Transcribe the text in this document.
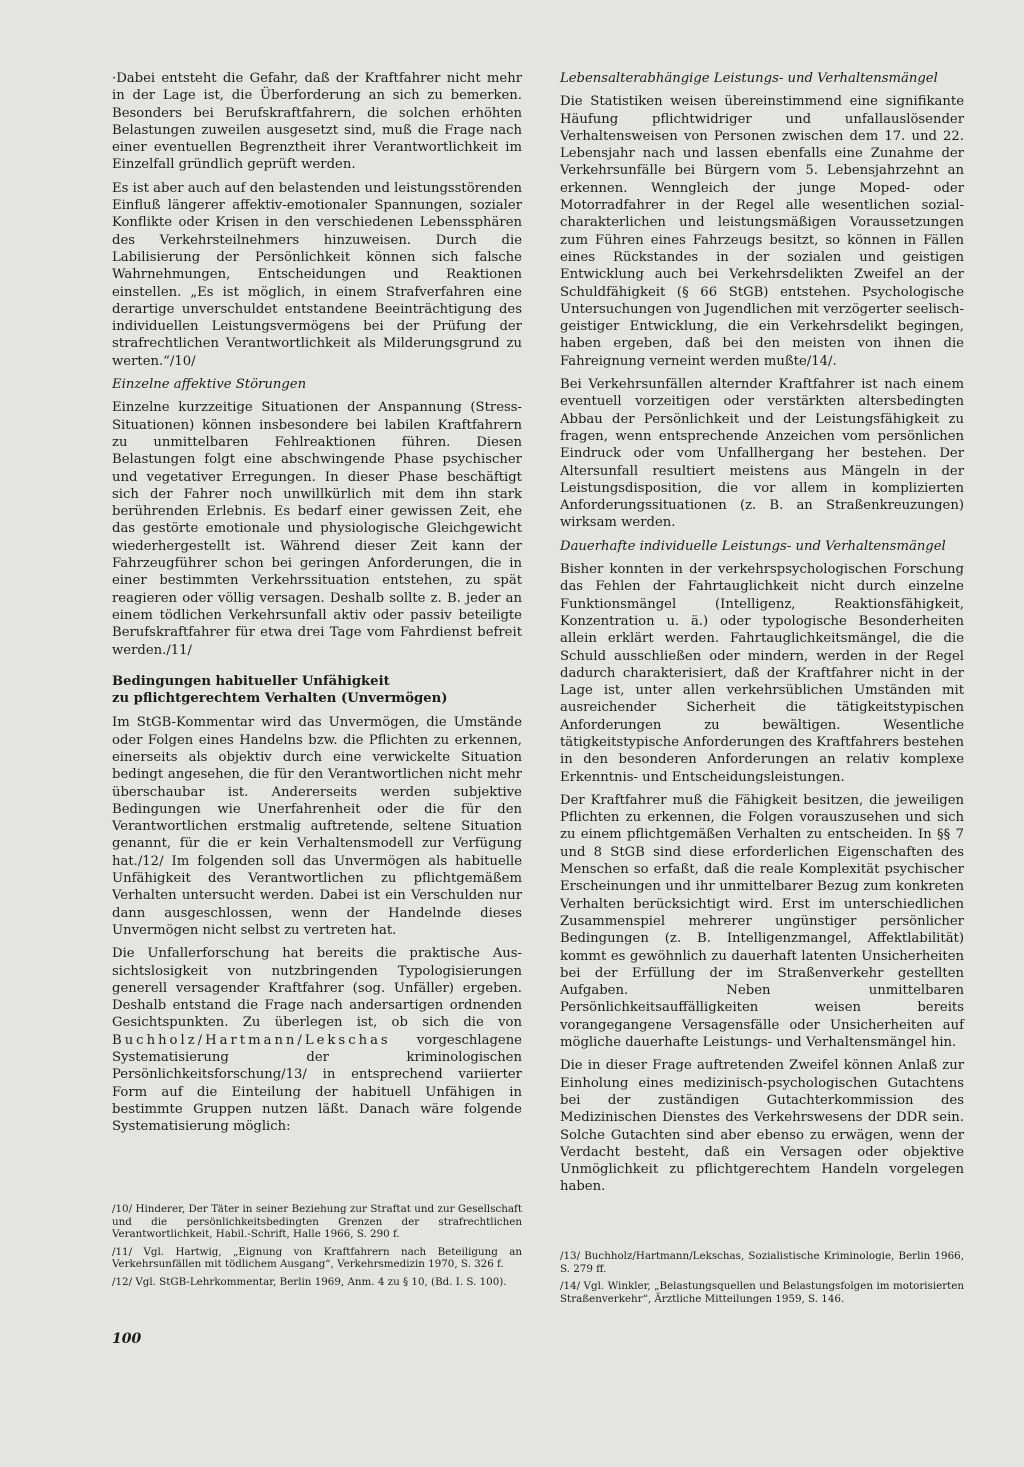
·Dabei entsteht die Gefahr, daß der Kraftfahrer nicht mehr in der Lage ist, die Überforderung an sich zu bemerken. Besonders bei Berufskraftfahrern, die solchen erhöhten Belastungen zuweilen ausgesetzt sind, muß die Frage nach einer eventuellen Begrenztheit ihrer Verantwortlichkeit im Einzelfall gründlich geprüft werden.

Es ist aber auch auf den belastenden und leistungsstörenden Einfluß längerer affektiv-emotionaler Spannungen, sozialer Konflikte oder Krisen in den verschiedenen Lebenssphären des Verkehrsteilnehmers hinzuweisen. Durch die Labilisierung der Persönlichkeit können sich falsche Wahrnehmungen, Entscheidungen und Reaktionen einstellen. „Es ist möglich, in einem Strafverfahren eine derartige unverschuldet entstandene Beeinträchtigung des individuellen Leistungsvermögens bei der Prüfung der strafrechtlichen Verantwortlichkeit als Milderungsgrund zu werten.“/10/

Einzelne affektive Störungen

Einzelne kurzzeitige Situationen der Anspannung (Stress-Situationen) können insbesondere bei labilen Kraftfahrern zu unmittelbaren Fehlreaktionen führen. Diesen Belastungen folgt eine abschwingende Phase psychischer und vegetativer Erregungen. In dieser Phase beschäftigt sich der Fahrer noch unwillkürlich mit dem ihn stark berührenden Erlebnis. Es bedarf einer gewissen Zeit, ehe das gestörte emotionale und physiologische Gleichgewicht wiederhergestellt ist. Während dieser Zeit kann der Fahrzeugführer schon bei geringen Anforderungen, die in einer bestimmten Verkehrssituation entstehen, zu spät reagieren oder völlig versagen. Deshalb sollte z. B. jeder an einem tödlichen Verkehrsunfall aktiv oder passiv beteiligte Berufskraftfahrer für etwa drei Tage vom Fahrdienst befreit werden./11/

Bedingungen habitueller Unfähigkeit
zu pflichtgerechtem Verhalten (Unvermögen)

Im StGB-Kommentar wird das Unvermögen, die Umstände oder Folgen eines Handelns bzw. die Pflichten zu erkennen, einerseits als objektiv durch eine verwickelte Situation bedingt angesehen, die für den Verantwortlichen nicht mehr überschaubar ist. Andererseits werden subjektive Bedingungen wie Unerfahrenheit oder die für den Verantwortlichen erstmalig auftretende, seltene Situation genannt, für die er kein Verhaltensmodell zur Verfügung hat./12/ Im folgenden soll das Unvermögen als habituelle Unfähigkeit des Verantwortlichen zu pflichtgemäßem Verhalten untersucht werden. Dabei ist ein Verschulden nur dann ausgeschlossen, wenn der Handelnde dieses Unvermögen nicht selbst zu vertreten hat.

Die Unfallerforschung hat bereits die praktische Aussichtslosigkeit von nutzbringenden Typologisierungen generell versagender Kraftfahrer (sog. Unfäller) ergeben. Deshalb entstand die Frage nach andersartigen ordnenden Gesichtspunkten. Zu überlegen ist, ob sich die von Buchholz/Hartmann/Lekschas vorgeschlagene Systematisierung der kriminologischen Persönlichkeitsforschung/13/ in entsprechend variierter Form auf die Einteilung der habituell Unfähigen in bestimmte Gruppen nutzen läßt. Danach wäre folgende Systematisierung möglich:

Lebensalterabhängige Leistungs- und Verhaltensmängel

Die Statistiken weisen übereinstimmend eine signifikante Häufung pflichtwidriger und unfallauslösender Verhaltensweisen von Personen zwischen dem 17. und 22. Lebensjahr nach und lassen ebenfalls eine Zunahme der Verkehrsunfälle bei Bürgern vom 5. Lebensjahrzehnt an erkennen. Wenngleich der junge Moped- oder Motorradfahrer in der Regel alle wesentlichen sozialcharakterlichen und leistungsmäßigen Voraussetzungen zum Führen eines Fahrzeugs besitzt, so können in Fällen eines Rückstandes in der sozialen und geistigen Entwicklung auch bei Verkehrsdelikten Zweifel an der Schuldfähigkeit (§ 66 StGB) entstehen. Psychologische Untersuchungen von Jugendlichen mit verzögerter seelisch-geistiger Entwicklung, die ein Verkehrsdelikt begingen, haben ergeben, daß bei den meisten von ihnen die Fahreignung verneint werden mußte/14/.

Bei Verkehrsunfällen alternder Kraftfahrer ist nach einem eventuell vorzeitigen oder verstärkten altersbedingten Abbau der Persönlichkeit und der Leistungsfähigkeit zu fragen, wenn entsprechende Anzeichen vom persönlichen Eindruck oder vom Unfallhergang her bestehen. Der Altersunfall resultiert meistens aus Mängeln in der Leistungsdisposition, die vor allem in komplizierten Anforderungssituationen (z. B. an Straßenkreuzungen) wirksam werden.

Dauerhafte individuelle Leistungs- und Verhaltensmängel

Bisher konnten in der verkehrspsychologischen Forschung das Fehlen der Fahrtauglichkeit nicht durch einzelne Funktionsmängel (Intelligenz, Reaktionsfähigkeit, Konzentration u. ä.) oder typologische Besonderheiten allein erklärt werden. Fahrtauglichkeitsmängel, die die Schuld ausschließen oder mindern, werden in der Regel dadurch charakterisiert, daß der Kraftfahrer nicht in der Lage ist, unter allen verkehrsüblichen Umständen mit ausreichender Sicherheit die tätigkeitstypischen Anforderungen zu bewältigen. Wesentliche tätigkeitstypische Anforderungen des Kraftfahrers bestehen in den besonderen Anforderungen an relativ komplexe Erkenntnis- und Entscheidungsleistungen.

Der Kraftfahrer muß die Fähigkeit besitzen, die jeweiligen Pflichten zu erkennen, die Folgen vorauszusehen und sich zu einem pflichtgemäßen Verhalten zu entscheiden. In §§ 7 und 8 StGB sind diese erforderlichen Eigenschaften des Menschen so erfaßt, daß die reale Komplexität psychischer Erscheinungen und ihr unmittelbarer Bezug zum konkreten Verhalten berücksichtigt wird. Erst im unterschiedlichen Zusammenspiel mehrerer ungünstiger persönlicher Bedingungen (z. B. Intelligenzmangel, Affektlabilität) kommt es gewöhnlich zu dauerhaft latenten Unsicherheiten bei der Erfüllung der im Straßenverkehr gestellten Aufgaben. Neben unmittelbaren Persönlichkeitsauffälligkeiten weisen bereits vorangegangene Versagensfälle oder Unsicherheiten auf mögliche dauerhafte Leistungs- und Verhaltensmängel hin.

Die in dieser Frage auftretenden Zweifel können Anlaß zur Einholung eines medizinisch-psychologischen Gutachtens bei der zuständigen Gutachterkommission des Medizinischen Dienstes des Verkehrswesens der DDR sein. Solche Gutachten sind aber ebenso zu erwägen, wenn der Verdacht besteht, daß ein Versagen oder objektive Unmöglichkeit zu pflichtgerechtem Handeln vorgelegen haben.

/10/ Hinderer, Der Täter in seiner Beziehung zur Straftat und zur Gesellschaft und die persönlichkeitsbedingten Grenzen der strafrechtlichen Verantwortlichkeit, Habil.-Schrift, Halle 1966, S. 290 f.

/11/ Vgl. Hartwig, „Eignung von Kraftfahrern nach Beteiligung an Verkehrsunfällen mit tödlichem Ausgang“, Verkehrsmedizin 1970, S. 326 f.

/12/ Vgl. StGB-Lehrkommentar, Berlin 1969, Anm. 4 zu § 10, (Bd. I. S. 100).

/13/ Buchholz/Hartmann/Lekschas, Sozialistische Kriminologie, Berlin 1966, S. 279 ff.

/14/ Vgl. Winkler, „Belastungsquellen und Belastungsfolgen im motorisierten Straßenverkehr“, Ärztliche Mitteilungen 1959, S. 146.

100
